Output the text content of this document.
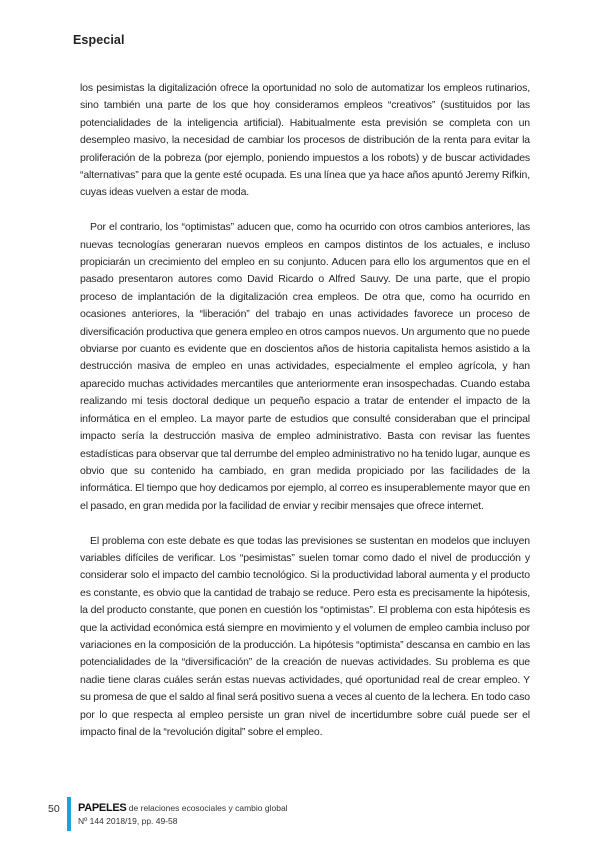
Especial

los pesimistas la digitalización ofrece la oportunidad no solo de automatizar los empleos rutinarios, sino también una parte de los que hoy consideramos empleos “creativos” (sustituidos por las potencialidades de la inteligencia artificial). Habitualmente esta previsión se completa con un desempleo masivo, la necesidad de cambiar los procesos de distribución de la renta para evitar la proliferación de la pobreza (por ejemplo, poniendo impuestos a los robots) y de buscar actividades “alternativas” para que la gente esté ocupada. Es una línea que ya hace años apuntó Jeremy Rifkin, cuyas ideas vuelven a estar de moda.

Por el contrario, los “optimistas” aducen que, como ha ocurrido con otros cambios anteriores, las nuevas tecnologías generaran nuevos empleos en campos distintos de los actuales, e incluso propiciarán un crecimiento del empleo en su conjunto. Aducen para ello los argumentos que en el pasado presentaron autores como David Ricardo o Alfred Sauvy. De una parte, que el propio proceso de implantación de la digitalización crea empleos. De otra que, como ha ocurrido en ocasiones anteriores, la “liberación” del trabajo en unas actividades favorece un proceso de diversificación productiva que genera empleo en otros campos nuevos. Un argumento que no puede obviarse por cuanto es evidente que en doscientos años de historia capitalista hemos asistido a la destrucción masiva de empleo en unas actividades, especialmente el empleo agrícola, y han aparecido muchas actividades mercantiles que anteriormente eran insospechadas. Cuando estaba realizando mi tesis doctoral dedique un pequeño espacio a tratar de entender el impacto de la informática en el empleo. La mayor parte de estudios que consulté consideraban que el principal impacto sería la destrucción masiva de empleo administrativo. Basta con revisar las fuentes estadísticas para observar que tal derrumbe del empleo administrativo no ha tenido lugar, aunque es obvio que su contenido ha cambiado, en gran medida propiciado por las facilidades de la informática. El tiempo que hoy dedicamos por ejemplo, al correo es insuperablemente mayor que en el pasado, en gran medida por la facilidad de enviar y recibir mensajes que ofrece internet.

El problema con este debate es que todas las previsiones se sustentan en modelos que incluyen variables difíciles de verificar. Los “pesimistas” suelen tomar como dado el nivel de producción y considerar solo el impacto del cambio tecnológico. Si la productividad laboral aumenta y el producto es constante, es obvio que la cantidad de trabajo se reduce. Pero esta es precisamente la hipótesis, la del producto constante, que ponen en cuestión los “optimistas”. El problema con esta hipótesis es que la actividad económica está siempre en movimiento y el volumen de empleo cambia incluso por variaciones en la composición de la producción. La hipótesis “optimista” descansa en cambio en las potencialidades de la “diversificación” de la creación de nuevas actividades. Su problema es que nadie tiene claras cuáles serán estas nuevas actividades, qué oportunidad real de crear empleo. Y su promesa de que el saldo al final será positivo suena a veces al cuento de la lechera. En todo caso por lo que respecta al empleo persiste un gran nivel de incertidumbre sobre cuál puede ser el impacto final de la “revolución digital” sobre el empleo.

50 PAPELES de relaciones ecosociales y cambio global
Nº 144 2018/19, pp. 49-58
